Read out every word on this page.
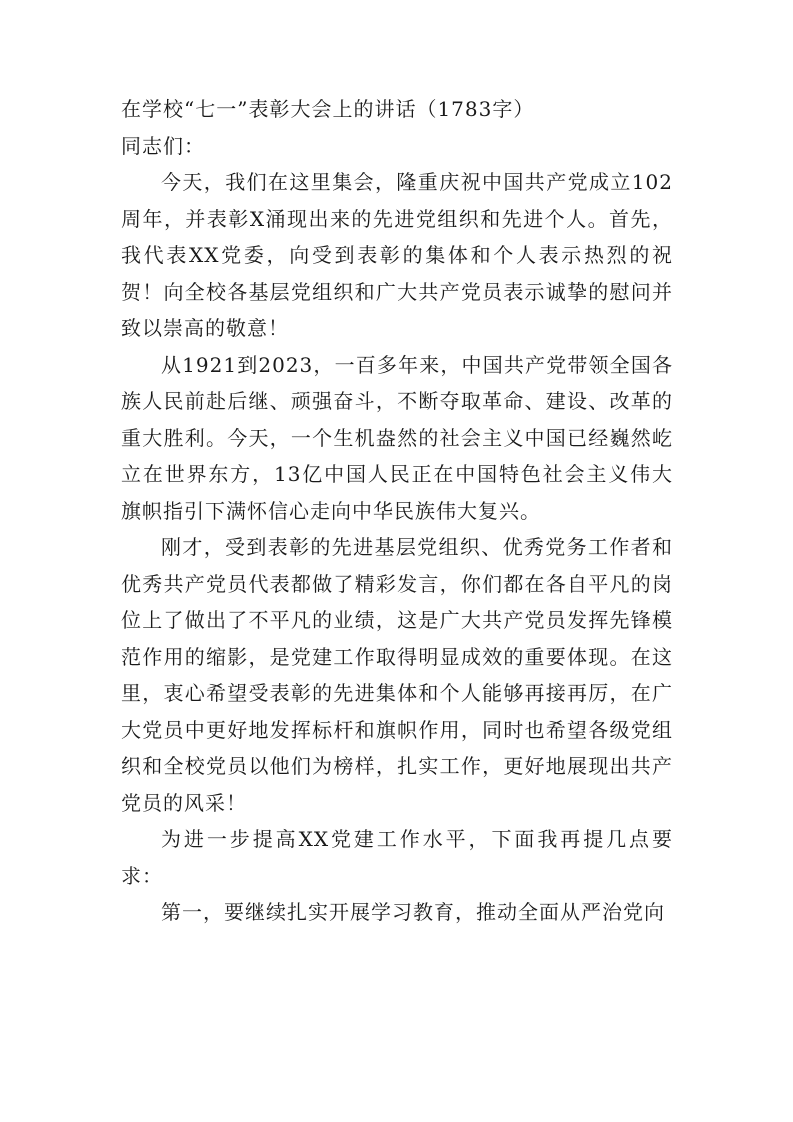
在学校“七一”表彰大会上的讲话（1783字）

同志们：

今天，我们在这里集会，隆重庆祝中国共产党成立102周年，并表彰X涌现出来的先进党组织和先进个人。首先，我代表XX党委，向受到表彰的集体和个人表示热烈的祝贺！向全校各基层党组织和广大共产党员表示诚挚的慰问并致以崇高的敬意！

从1921到2023，一百多年来，中国共产党带领全国各族人民前赴后继、顽强奋斗，不断夺取革命、建设、改革的重大胜利。今天，一个生机盎然的社会主义中国已经巍然屹立在世界东方，13亿中国人民正在中国特色社会主义伟大旗帜指引下满怀信心走向中华民族伟大复兴。

刚才，受到表彰的先进基层党组织、优秀党务工作者和优秀共产党员代表都做了精彩发言，你们都在各自平凡的岗位上了做出了不平凡的业绩，这是广大共产党员发挥先锋模范作用的缩影，是党建工作取得明显成效的重要体现。在这里，衷心希望受表彰的先进集体和个人能够再接再厉，在广大党员中更好地发挥标杆和旗帜作用，同时也希望各级党组织和全校党员以他们为榜样，扎实工作，更好地展现出共产党员的风采！

为进一步提高XX党建工作水平，下面我再提几点要求：

第一，要继续扎实开展学习教育，推动全面从严治党向
